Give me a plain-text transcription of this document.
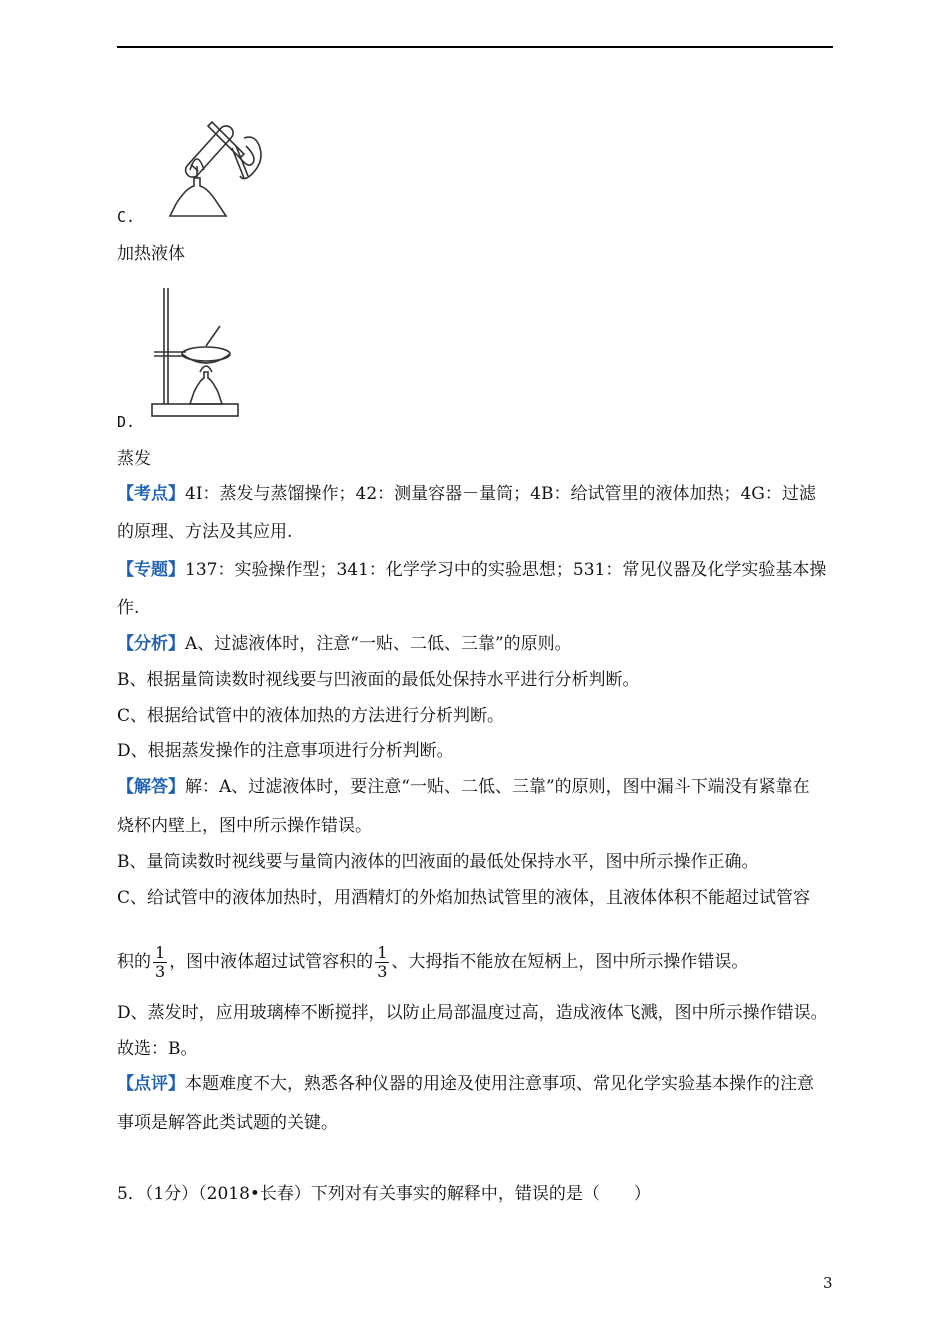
C.
加热液体
D.
蒸发
【考点】4I：蒸发与蒸馏操作；42：测量容器－量筒；4B：给试管里的液体加热；4G：过滤
的原理、方法及其应用.
【专题】137：实验操作型；341：化学学习中的实验思想；531：常见仪器及化学实验基本操
作.
【分析】A、过滤液体时，注意“一贴、二低、三靠”的原则。
B、根据量筒读数时视线要与凹液面的最低处保持水平进行分析判断。
C、根据给试管中的液体加热的方法进行分析判断。
D、根据蒸发操作的注意事项进行分析判断。
【解答】解：A、过滤液体时，要注意“一贴、二低、三靠”的原则，图中漏斗下端没有紧靠在
烧杯内壁上，图中所示操作错误。
B、量筒读数时视线要与量筒内液体的凹液面的最低处保持水平，图中所示操作正确。
C、给试管中的液体加热时，用酒精灯的外焰加热试管里的液体，且液体体积不能超过试管容
积的 $\frac{1}{3}$ ，图中液体超过试管容积的 $\frac{1}{3}$ 、大拇指不能放在短柄上，图中所示操作错误。
D、蒸发时，应用玻璃棒不断搅拌，以防止局部温度过高，造成液体飞溅，图中所示操作错误。
故选：B。
【点评】本题难度不大，熟悉各种仪器的用途及使用注意事项、常见化学实验基本操作的注意
事项是解答此类试题的关键。
5．（1分）（2018•长春）下列对有关事实的解释中，错误的是（　　）
3
